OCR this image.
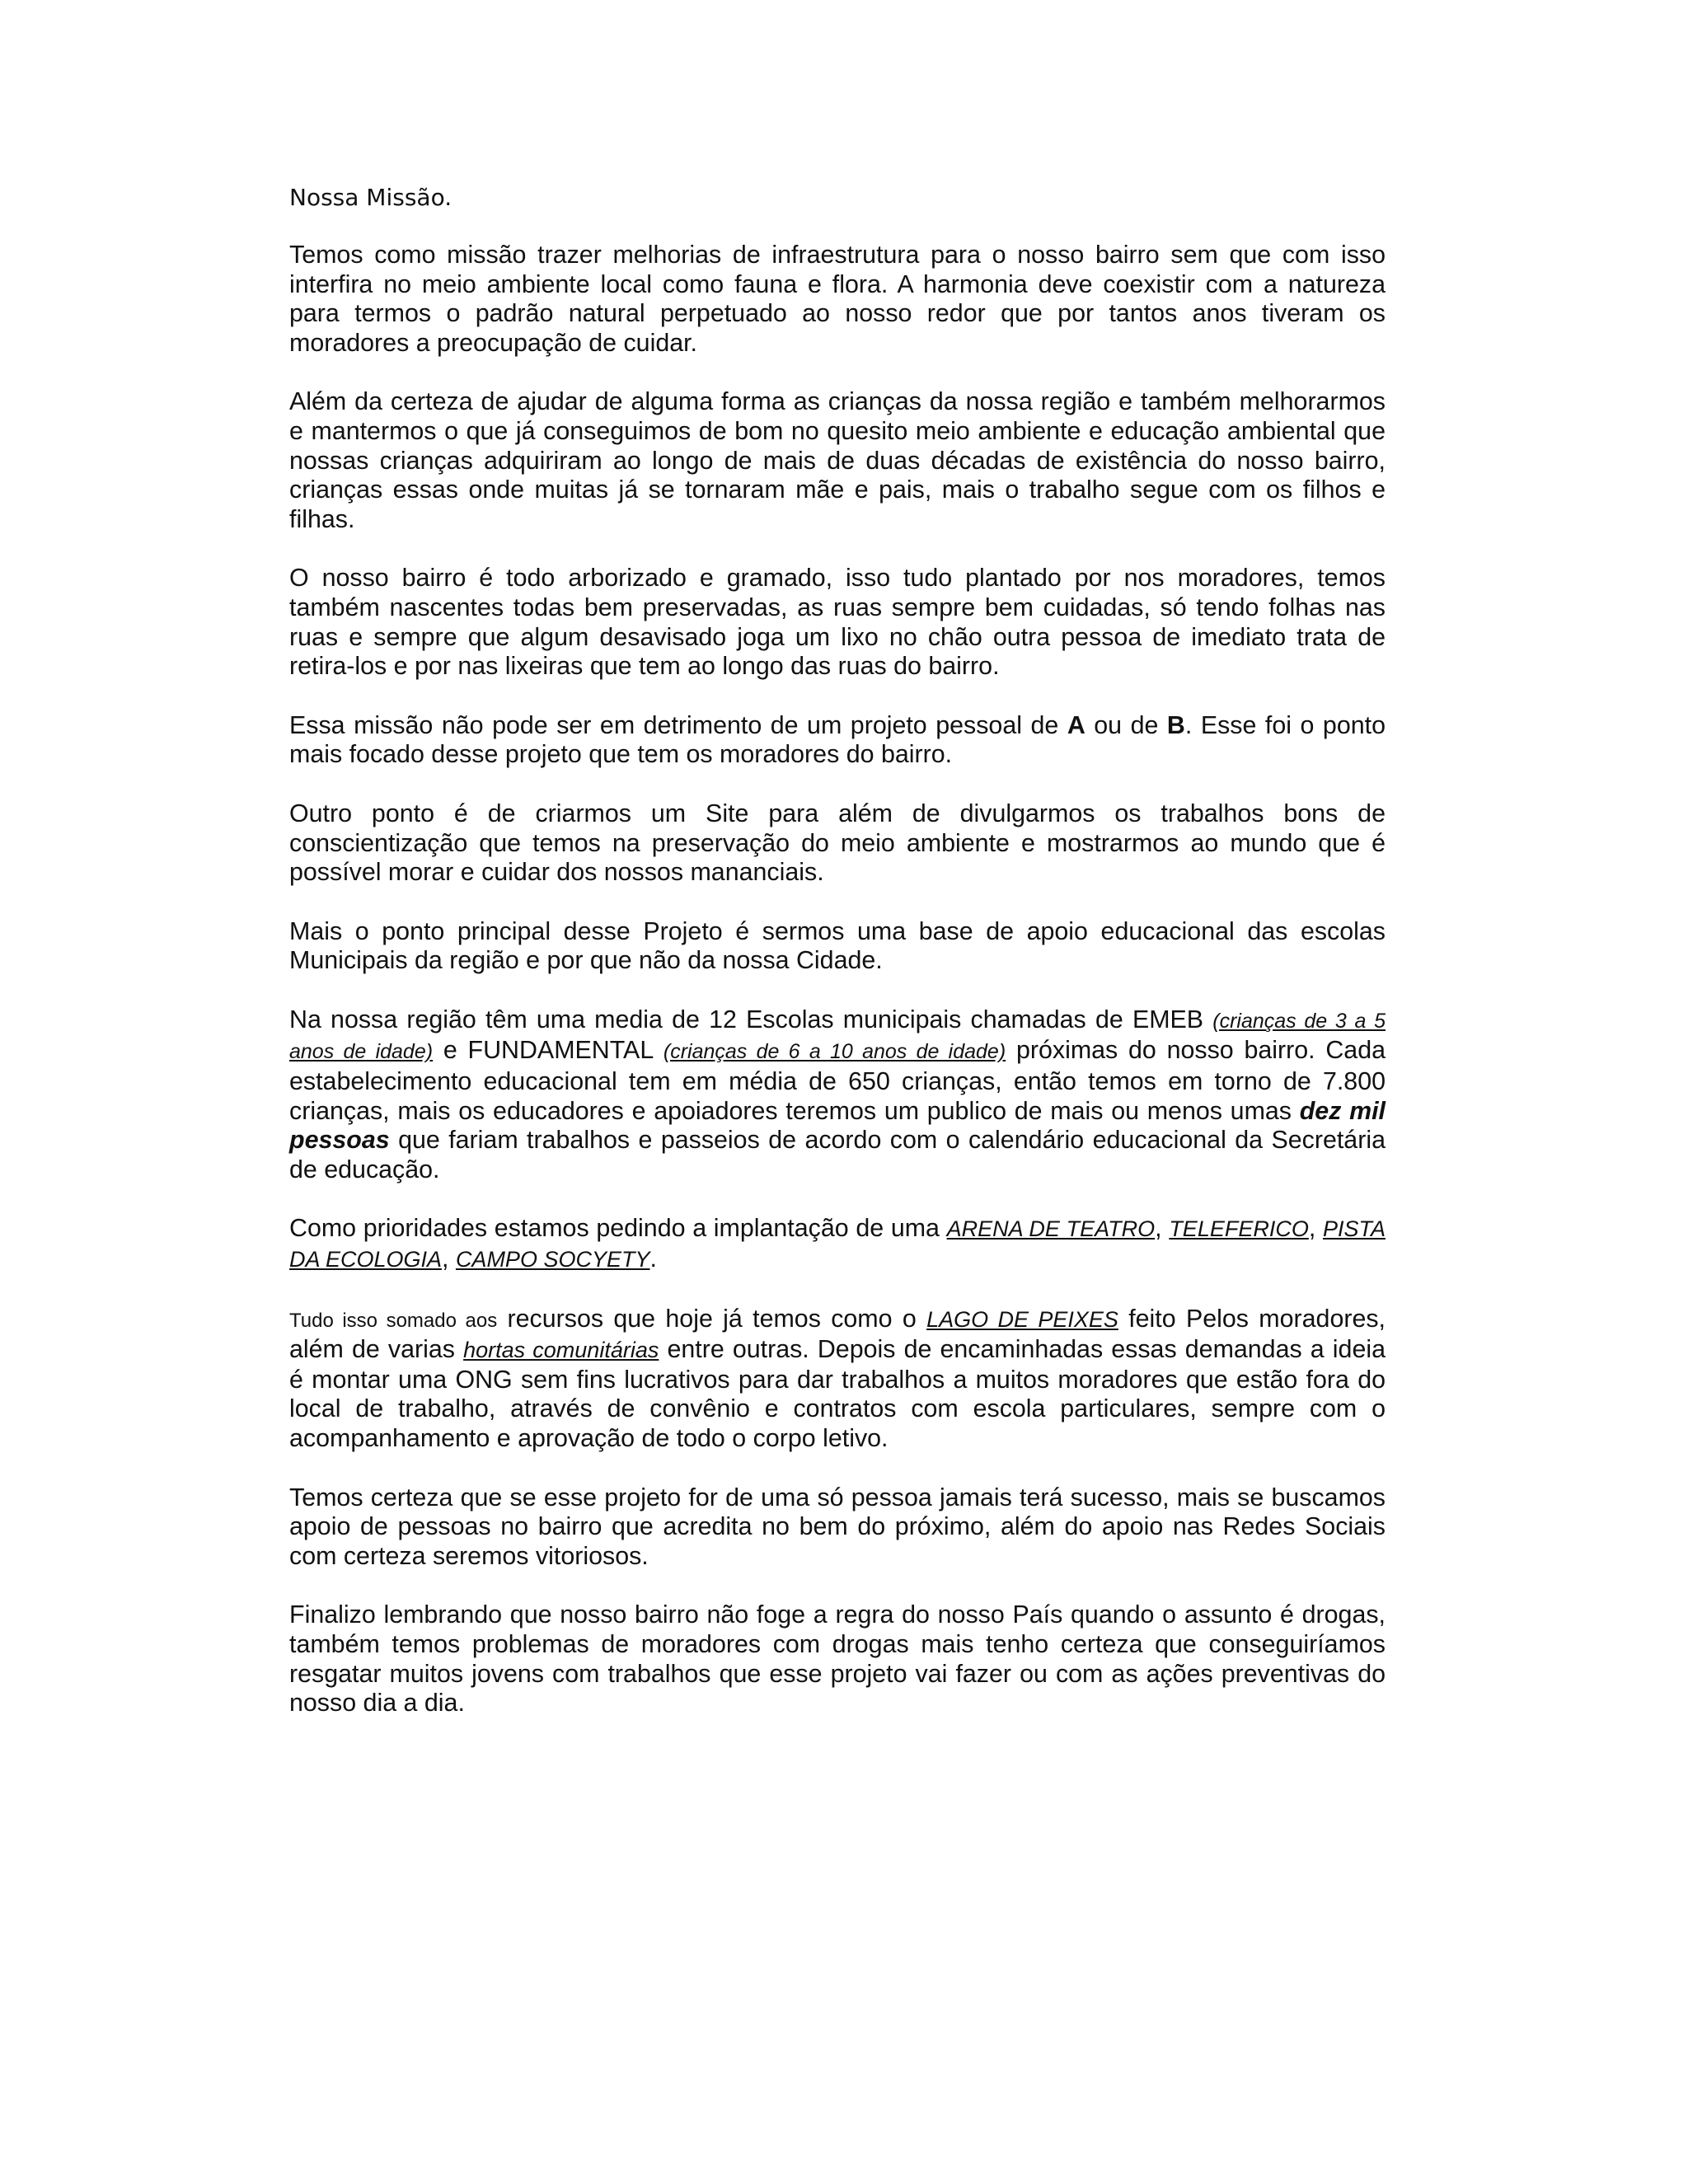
Nossa Missão.

Temos como missão trazer melhorias de infraestrutura para o nosso bairro sem que com isso interfira no meio ambiente local como fauna e flora. A harmonia deve coexistir com a natureza para termos o padrão natural perpetuado ao nosso redor que por tantos anos tiveram os moradores a preocupação de cuidar.

Além da certeza de ajudar de alguma forma as crianças da nossa região e também melhorarmos e mantermos o que já conseguimos de bom no quesito meio ambiente e educação ambiental que nossas crianças adquiriram ao longo de mais de duas décadas de existência do nosso bairro, crianças essas onde muitas já se tornaram mãe e pais, mais o trabalho segue com os filhos e filhas.

O nosso bairro é todo arborizado e gramado, isso tudo plantado por nos moradores, temos também nascentes todas bem preservadas, as ruas sempre bem cuidadas, só tendo folhas nas ruas e sempre que algum desavisado joga um lixo no chão outra pessoa de imediato trata de retira-los e por nas lixeiras que tem ao longo das ruas do bairro.

Essa missão não pode ser em detrimento de um projeto pessoal de A ou de B. Esse foi o ponto mais focado desse projeto que tem os moradores do bairro.

Outro ponto é de criarmos um Site para além de divulgarmos os trabalhos bons de conscientização que temos na preservação do meio ambiente e mostrarmos ao mundo que é possível morar e cuidar dos nossos mananciais.

Mais o ponto principal desse Projeto é sermos uma base de apoio educacional das escolas Municipais da região e por que não da nossa Cidade.

Na nossa região têm uma media de 12 Escolas municipais chamadas de EMEB (crianças de 3 a 5 anos de idade) e FUNDAMENTAL (crianças de 6 a 10 anos de idade) próximas do nosso bairro. Cada estabelecimento educacional tem em média de 650 crianças, então temos em torno de 7.800 crianças, mais os educadores e apoiadores teremos um publico de mais ou menos umas dez mil pessoas que fariam trabalhos e passeios de acordo com o calendário educacional da Secretária de educação.

Como prioridades estamos pedindo a implantação de uma ARENA DE TEATRO, TELEFERICO, PISTA DA ECOLOGIA, CAMPO SOCYETY.

Tudo isso somado aos recursos que hoje já temos como o LAGO DE PEIXES feito Pelos moradores, além de varias hortas comunitárias entre outras. Depois de encaminhadas essas demandas a ideia é montar uma ONG sem fins lucrativos para dar trabalhos a muitos moradores que estão fora do local de trabalho, através de convênio e contratos com escola particulares, sempre com o acompanhamento e aprovação de todo o corpo letivo.

Temos certeza que se esse projeto for de uma só pessoa jamais terá sucesso, mais se buscamos apoio de pessoas no bairro que acredita no bem do próximo, além do apoio nas Redes Sociais com certeza seremos vitoriosos.

Finalizo lembrando que nosso bairro não foge a regra do nosso País quando o assunto é drogas, também temos problemas de moradores com drogas mais tenho certeza que conseguiríamos resgatar muitos jovens com trabalhos que esse projeto vai fazer ou com as ações preventivas do nosso dia a dia.
